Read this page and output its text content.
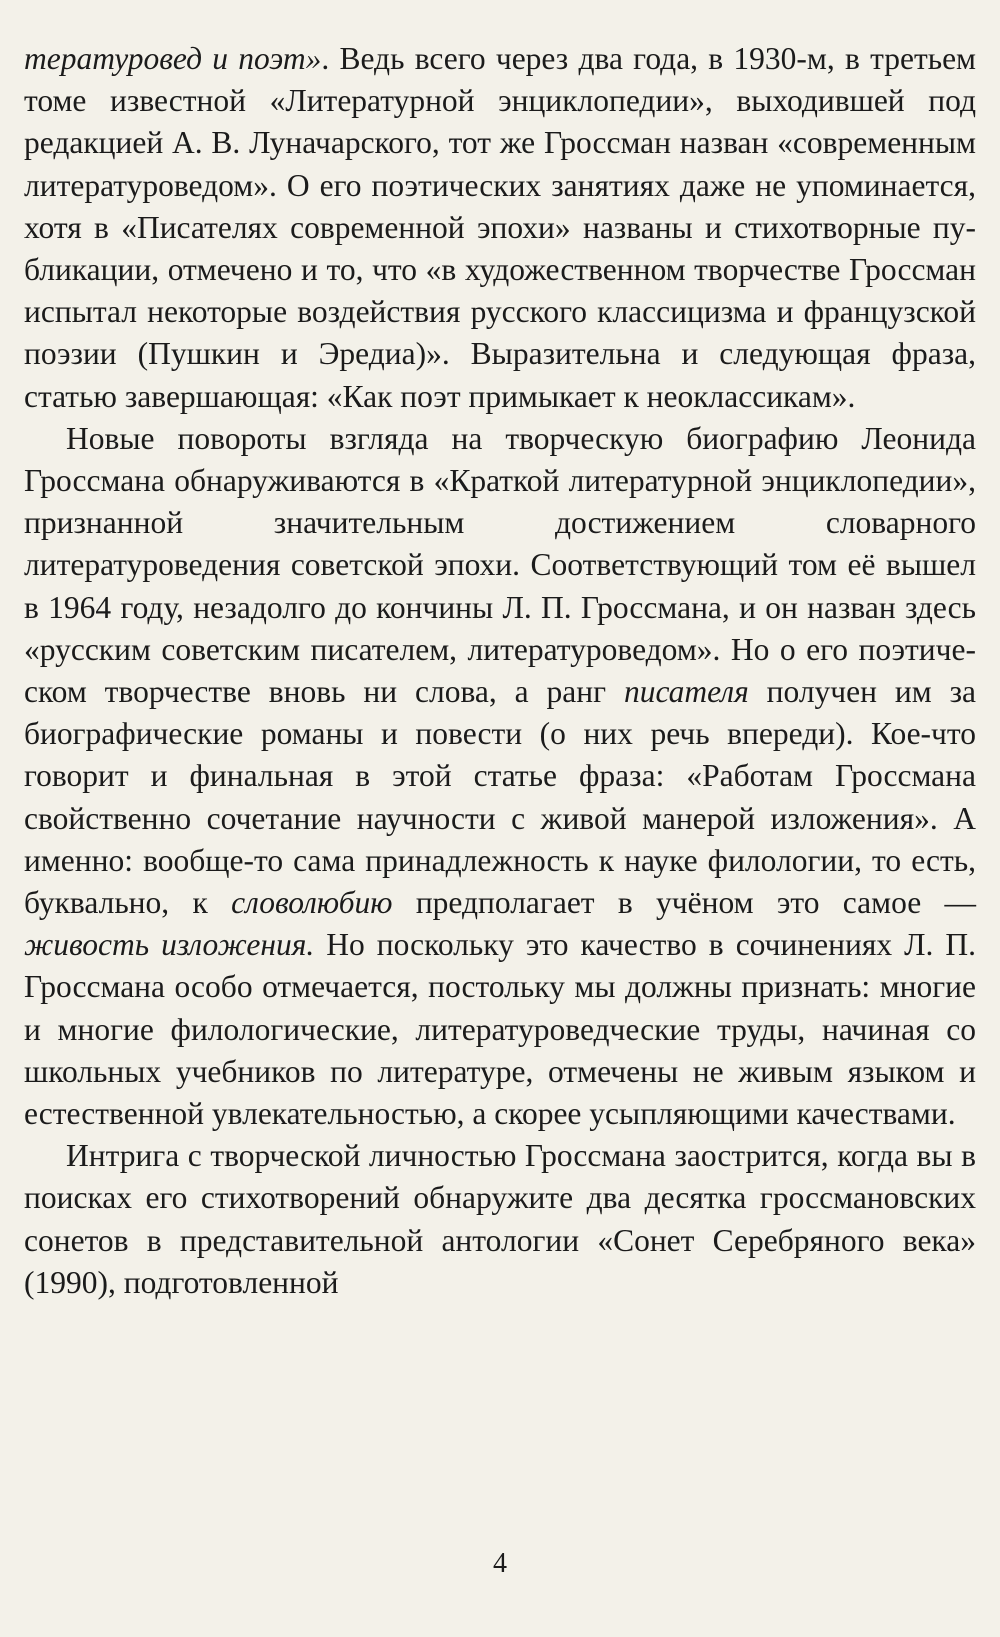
тературовед и поэт». Ведь всего через два года, в 1930-м, в третьем томе известной «Литературной энциклопедии», выходившей под редакцией А. В. Луначарского, тот же Гроссман назван «современным литературоведом». О его поэтических занятиях даже не упоминается, хотя в «Писателях современной эпохи» названы и стихотворные публикации, отмечено и то, что «в художественном творчестве Гроссман испытал некоторые воздействия русского классицизма и французской поэзии (Пушкин и Эредиа)». Выразительна и следующая фраза, статью завершающая: «Как поэт примыкает к неоклассикам».

Новые повороты взгляда на творческую биографию Леонида Гроссмана обнаруживаются в «Краткой литературной энциклопедии», признанной значительным достижением словарного литературоведения советской эпохи. Соответствующий том её вышел в 1964 году, незадолго до кончины Л. П. Гроссмана, и он назван здесь «русским советским писателем, литературоведом». Но о его поэтическом творчестве вновь ни слова, а ранг писателя получен им за биографические романы и повести (о них речь впереди). Кое-что говорит и финальная в этой статье фраза: «Работам Гроссмана свойственно сочетание научности с живой манерой изложения». А именно: вообще-то сама принадлежность к науке филологии, то есть, буквально, к словолюбию предполагает в учёном это самое — живость изложения. Но поскольку это качество в сочинениях Л. П. Гроссмана особо отмечается, постольку мы должны признать: многие и многие филологические, литературоведческие труды, начиная со школьных учебников по литературе, отмечены не живым языком и естественной увлекательностью, а скорее усыпляющими качествами.

Интрига с творческой личностью Гроссмана заострится, когда вы в поисках его стихотворений обнаружите два десятка гроссмановских сонетов в представительной антологии «Сонет Серебряного века» (1990), подготовленной

4
